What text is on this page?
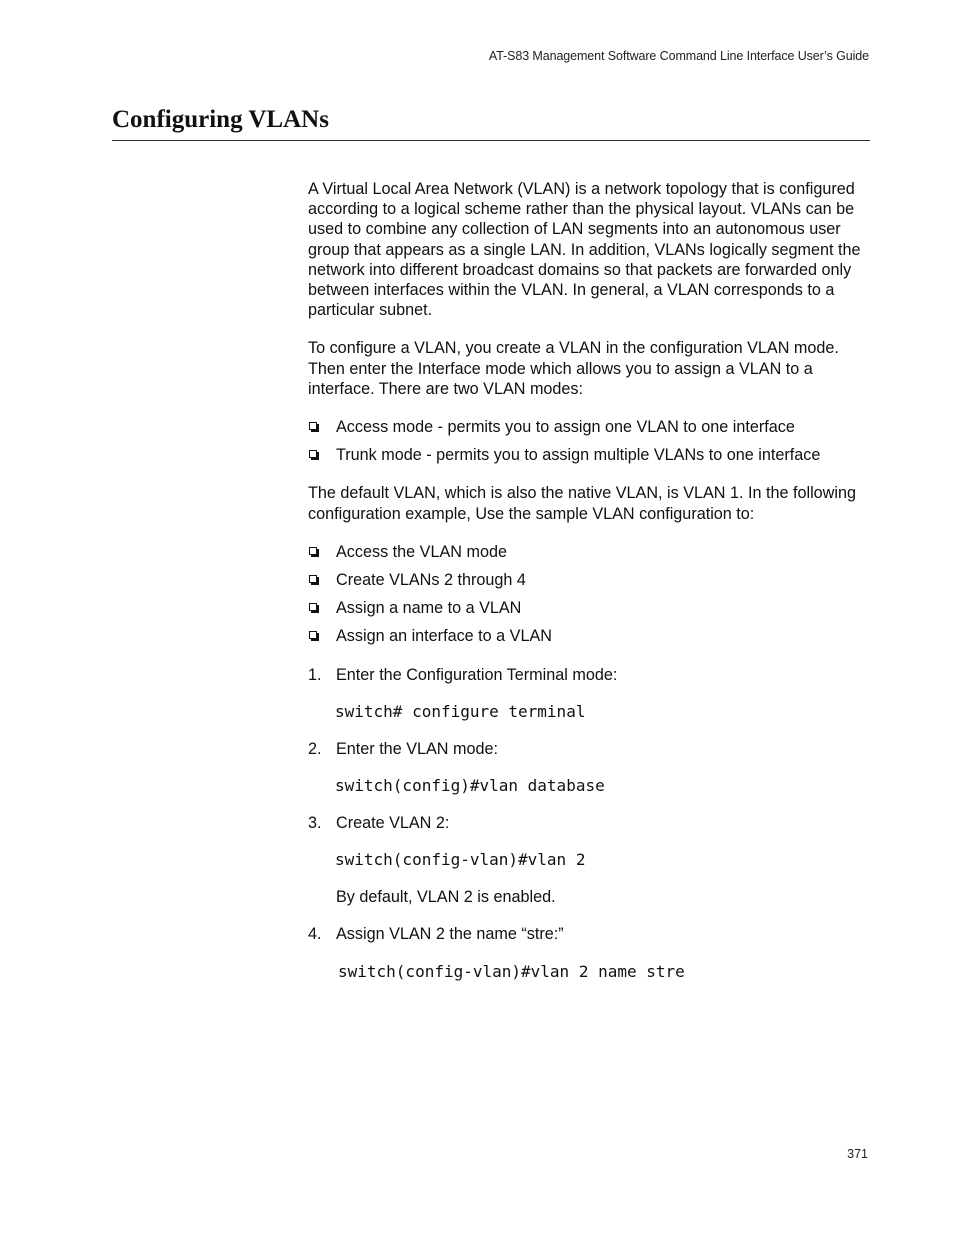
AT-S83 Management Software Command Line Interface User’s Guide
Configuring VLANs

A Virtual Local Area Network (VLAN) is a network topology that is configured according to a logical scheme rather than the physical layout. VLANs can be used to combine any collection of LAN segments into an autonomous user group that appears as a single LAN. In addition, VLANs logically segment the network into different broadcast domains so that packets are forwarded only between interfaces within the VLAN. In general, a VLAN corresponds to a particular subnet.

To configure a VLAN, you create a VLAN in the configuration VLAN mode. Then enter the Interface mode which allows you to assign a VLAN to a interface. There are two VLAN modes:

Access mode - permits you to assign one VLAN to one interface
Trunk mode - permits you to assign multiple VLANs to one interface

The default VLAN, which is also the native VLAN, is VLAN 1. In the following configuration example, Use the sample VLAN configuration to:

Access the VLAN mode
Create VLANs 2 through 4
Assign a name to a VLAN
Assign an interface to a VLAN
1. Enter the Configuration Terminal mode:
switch# configure terminal
2. Enter the VLAN mode:
switch(config)#vlan database
3. Create VLAN 2:
switch(config-vlan)#vlan 2
By default, VLAN 2 is enabled.
4. Assign VLAN 2 the name “stre:”
switch(config-vlan)#vlan 2 name stre
371
